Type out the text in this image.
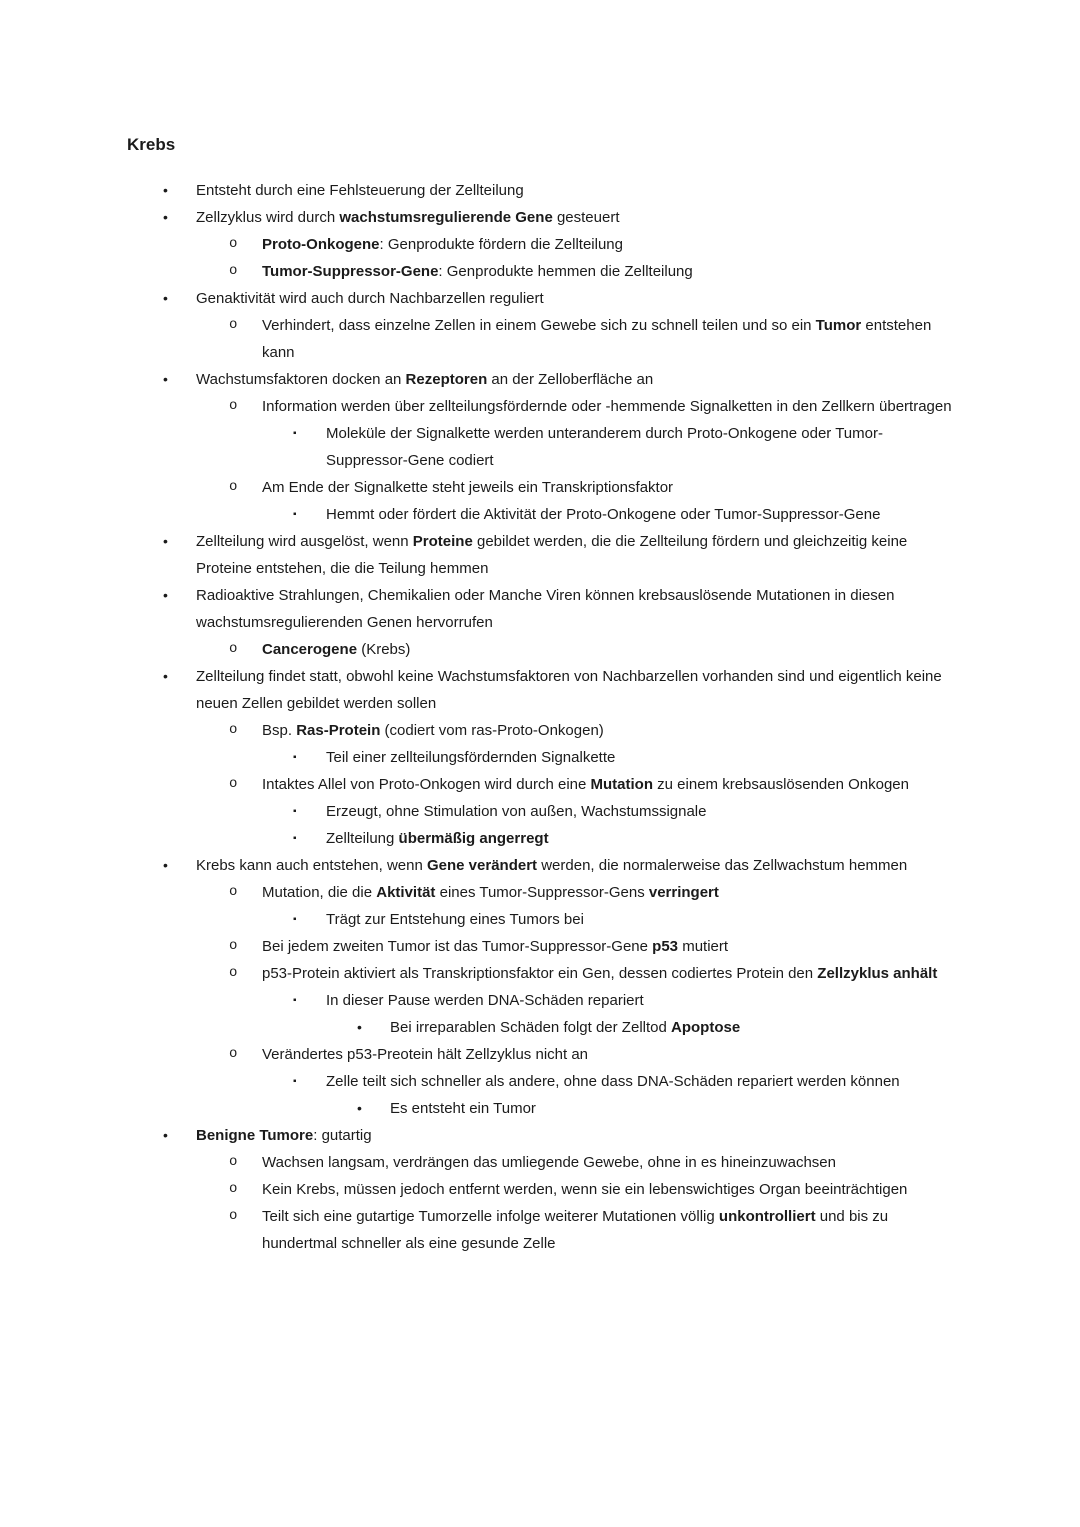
Krebs
•	Entsteht durch eine Fehlsteuerung der Zellteilung
•	Zellzyklus wird durch wachstumsregulierende Gene gesteuert
o	Proto-Onkogene: Genprodukte fördern die Zellteilung
o	Tumor-Suppressor-Gene: Genprodukte hemmen die Zellteilung
•	Genaktivität wird auch durch Nachbarzellen reguliert
o	Verhindert, dass einzelne Zellen in einem Gewebe sich zu schnell teilen und so ein Tumor entstehen kann
•	Wachstumsfaktoren docken an Rezeptoren an der Zelloberfläche an
o	Information werden über zellteilungsfördernde oder -hemmende Signalketten in den Zellkern übertragen
▪	Moleküle der Signalkette werden unteranderem durch Proto-Onkogene oder Tumor-Suppressor-Gene codiert
o	Am Ende der Signalkette steht jeweils ein Transkriptionsfaktor
▪	Hemmt oder fördert die Aktivität der Proto-Onkogene oder Tumor-Suppressor-Gene
•	Zellteilung wird ausgelöst, wenn Proteine gebildet werden, die die Zellteilung fördern und gleichzeitig keine Proteine entstehen, die die Teilung hemmen
•	Radioaktive Strahlungen, Chemikalien oder Manche Viren können krebsauslösende Mutationen in diesen wachstumsregulierenden Genen hervorrufen
o	Cancerogene (Krebs)
•	Zellteilung findet statt, obwohl keine Wachstumsfaktoren von Nachbarzellen vorhanden sind und eigentlich keine neuen Zellen gebildet werden sollen
o	Bsp. Ras-Protein (codiert vom ras-Proto-Onkogen)
▪	Teil einer zellteilungsfördernden Signalkette
o	Intaktes Allel von Proto-Onkogen wird durch eine Mutation zu einem krebsauslösenden Onkogen
▪	Erzeugt, ohne Stimulation von außen, Wachstumssignale
▪	Zellteilung übermäßig angerregt
•	Krebs kann auch entstehen, wenn Gene verändert werden, die normalerweise das Zellwachstum hemmen
o	Mutation, die die Aktivität eines Tumor-Suppressor-Gens verringert
▪	Trägt zur Entstehung eines Tumors bei
o	Bei jedem zweiten Tumor ist das Tumor-Suppressor-Gene p53 mutiert
o	p53-Protein aktiviert als Transkriptionsfaktor ein Gen, dessen codiertes Protein den Zellzyklus anhält
▪	In dieser Pause werden DNA-Schäden repariert
•	Bei irreparablen Schäden folgt der Zelltod Apoptose
o	Verändertes p53-Preotein hält Zellzyklus nicht an
▪	Zelle teilt sich schneller als andere, ohne dass DNA-Schäden repariert werden können
•	Es entsteht ein Tumor
•	Benigne Tumore: gutartig
o	Wachsen langsam, verdrängen das umliegende Gewebe, ohne in es hineinzuwachsen
o	Kein Krebs, müssen jedoch entfernt werden, wenn sie ein lebenswichtiges Organ beeinträchtigen
o	Teilt sich eine gutartige Tumorzelle infolge weiterer Mutationen völlig unkontrolliert und bis zu hundertmal schneller als eine gesunde Zelle
